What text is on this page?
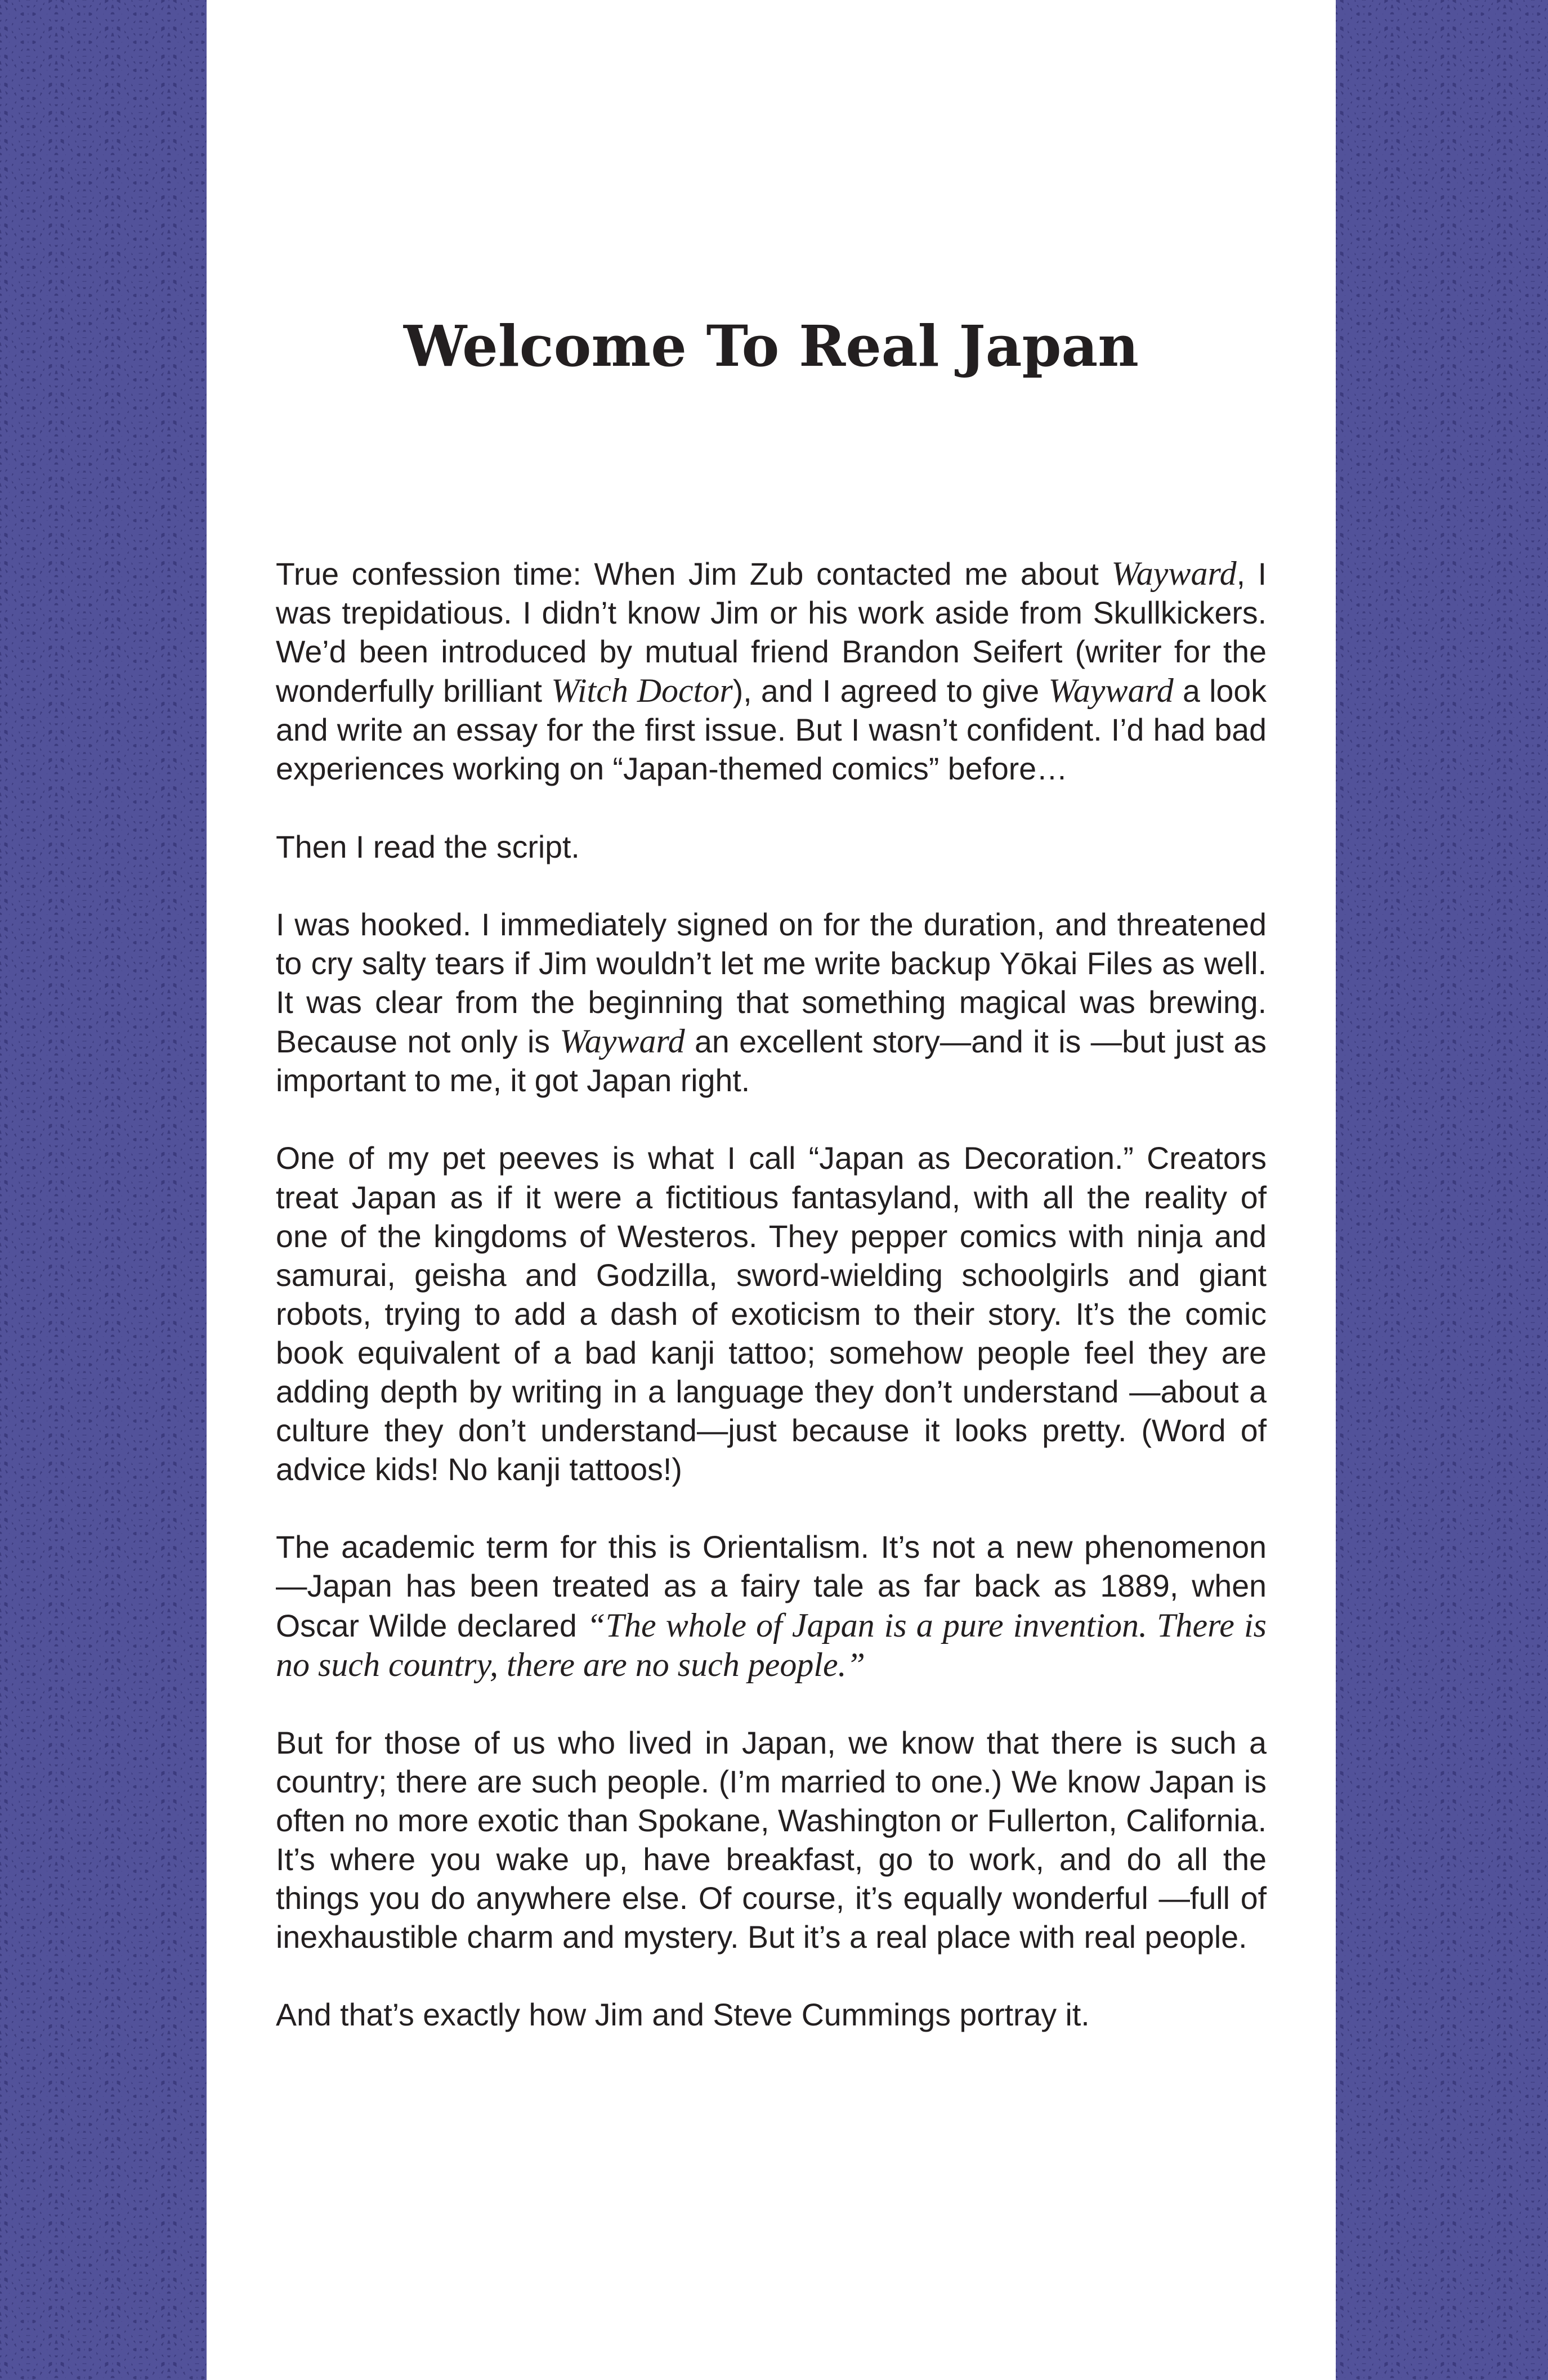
Welcome To Real Japan

True confession time: When Jim Zub contacted me about Wayward, I was trepidatious. I didn’t know Jim or his work aside from Skullkickers. We’d been introduced by mutual friend Brandon Seifert (writer for the wonderfully brilliant Witch Doctor), and I agreed to give Wayward a look and write an essay for the first issue. But I wasn’t confident. I’d had bad experiences working on “Japan-themed comics” before…

Then I read the script.

I was hooked. I immediately signed on for the duration, and threatened to cry salty tears if Jim wouldn’t let me write backup Yōkai Files as well. It was clear from the beginning that something magical was brewing. Because not only is Wayward an excellent story—and it is —but just as important to me, it got Japan right.

One of my pet peeves is what I call “Japan as Decoration.” Creators treat Japan as if it were a fictitious fantasyland, with all the reality of one of the kingdoms of Westeros. They pepper comics with ninja and samurai, geisha and Godzilla, sword-wielding schoolgirls and giant robots, trying to add a dash of exoticism to their story. It’s the comic book equivalent of a bad kanji tattoo; somehow people feel they are adding depth by writing in a language they don’t understand —about a culture they don’t understand—just because it looks pretty. (Word of advice kids! No kanji tattoos!)

The academic term for this is Orientalism. It’s not a new phenomenon —Japan has been treated as a fairy tale as far back as 1889, when Oscar Wilde declared “The whole of Japan is a pure invention. There is no such country, there are no such people.”

But for those of us who lived in Japan, we know that there is such a country; there are such people. (I’m married to one.) We know Japan is often no more exotic than Spokane, Washington or Fullerton, California. It’s where you wake up, have breakfast, go to work, and do all the things you do anywhere else. Of course, it’s equally wonderful —full of inexhaustible charm and mystery. But it’s a real place with real people.

And that’s exactly how Jim and Steve Cummings portray it.
